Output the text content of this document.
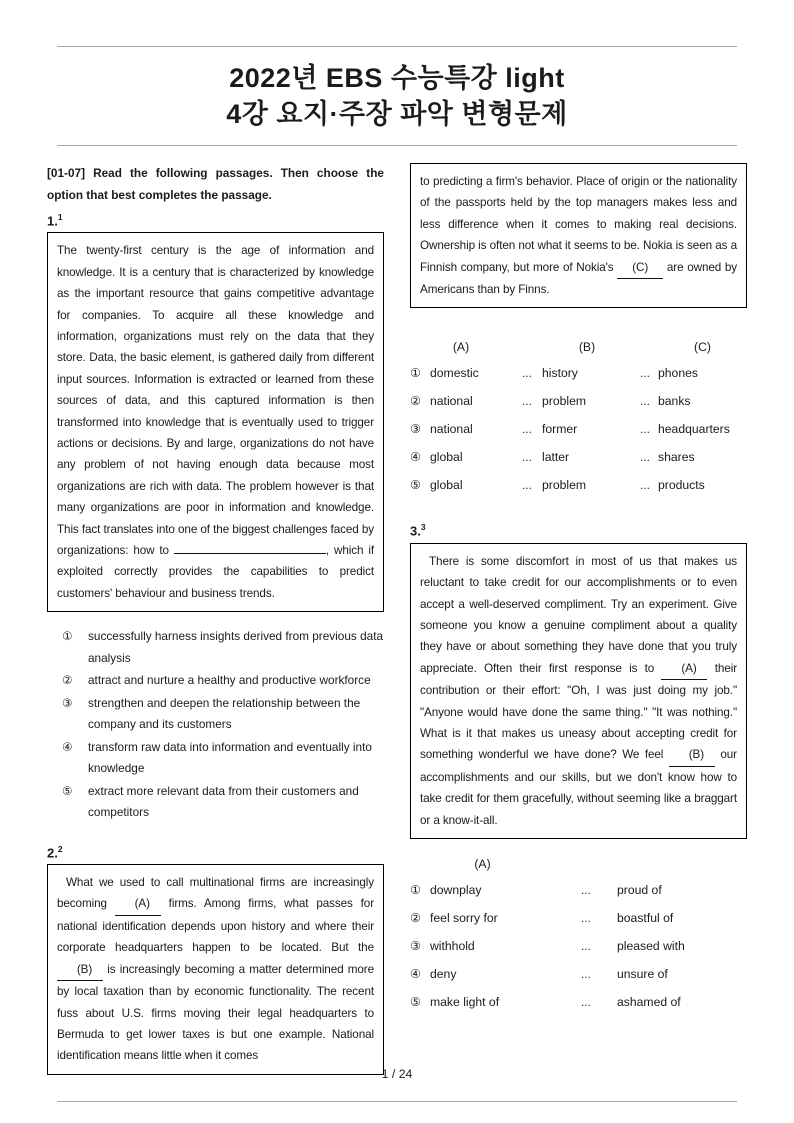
2022년 EBS 수능특강 light
4강 요지·주장 파악 변형문제

[01-07] Read the following passages. Then choose the option that best completes the passage.

1.$^1$

The twenty-first century is the age of information and knowledge. It is a century that is characterized by knowledge as the important resource that gains competitive advantage for companies. To acquire all these knowledge and information, organizations must rely on the data that they store. Data, the basic element, is gathered daily from different input sources. Information is extracted or learned from these sources of data, and this captured information is then transformed into knowledge that is eventually used to trigger actions or decisions. By and large, organizations do not have any problem of not having enough data because most organizations are rich with data. The problem however is that many organizations are poor in information and knowledge. This fact translates into one of the biggest challenges faced by organizations: how to	, which if exploited correctly provides the capabilities to predict customers' behaviour and business trends.

①	successfully harness insights derived from previous data analysis
②	attract and nurture a healthy and productive workforce
③	strengthen and deepen the relationship between the company and its customers
④	transform raw data into information and eventually into knowledge
⑤	extract more relevant data from their customers and competitors
2.$^2$

What we used to call multinational firms are increasingly becoming (A) firms. Among firms, what passes for national identification depends upon history and where their corporate headquarters happen to be located. But the (B) is increasingly becoming a matter determined more by local taxation than by economic functionality. The recent fuss about U.S. firms moving their legal headquarters to Bermuda to get lower taxes is but one example. National identification means little when it comes

to predicting a firm's behavior. Place of origin or the nationality of the passports held by the top managers makes less and less difference when it comes to making real decisions. Ownership is often not what it seems to be. Nokia is seen as a Finnish company, but more of Nokia's (C) are owned by Americans than by Finns.

(A)	(B)	(C)
① domestic	... history	... phones
② national	... problem	... banks
③ national	... former	... headquarters
④ global	... latter	... shares
⑤ global	... problem	... products
3.$^3$

There is some discomfort in most of us that makes us reluctant to take credit for our accomplishments or to even accept a well-deserved compliment. Try an experiment. Give someone you know a genuine compliment about a quality they have or about something they have done that you truly appreciate. Often their first response is to (A) their contribution or their effort: "Oh, I was just doing my job." "Anyone would have done the same thing." "It was nothing." What is it that makes us uneasy about accepting credit for something wonderful we have done? We feel (B) our accomplishments and our skills, but we don't know how to take credit for them gracefully, without seeming like a braggart or a know-it-all.

(A)
① downplay	...	proud of
② feel sorry for	...	boastful of
③ withhold	...	pleased with
④ deny	...	unsure of
⑤ make light of	...	ashamed of
1 / 24
